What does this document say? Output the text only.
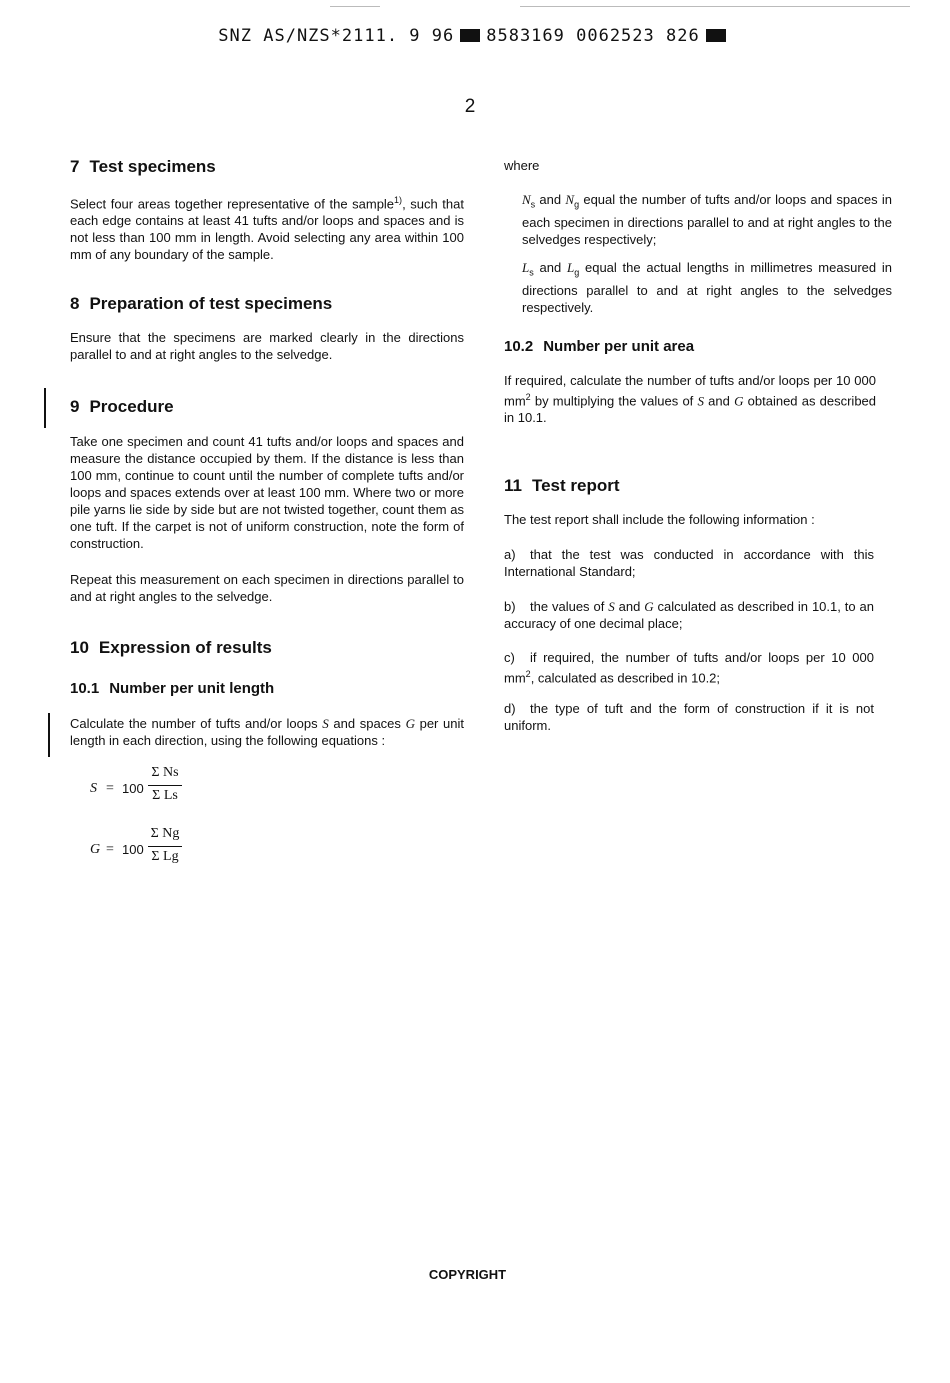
SNZ AS/NZS*2111. 9 96 8583169 0062523 826
2
7 Test specimens

Select four areas together representative of the sample$^{1)}$, such that each edge contains at least 41 tufts and/or loops and spaces and is not less than 100 mm in length. Avoid selecting any area within 100 mm of any boundary of the sample.

8 Preparation of test specimens

Ensure that the specimens are marked clearly in the directions parallel to and at right angles to the selvedge.

9 Procedure

Take one specimen and count 41 tufts and/or loops and spaces and measure the distance occupied by them. If the distance is less than 100 mm, continue to count until the number of complete tufts and/or loops and spaces extends over at least 100 mm. Where two or more pile yarns lie side by side but are not twisted together, count them as one tuft. If the carpet is not of uniform construction, note the form of construction.

Repeat this measurement on each specimen in directions parallel to and at right angles to the selvedge.

10 Expression of results
10.1 Number per unit length

Calculate the number of tufts and/or loops S and spaces G per unit length in each direction, using the following equations :

S = 100
Σ Ns
Σ Ls
G = 100
Σ Ng
Σ Lg

where

$N_s$ and $N_g$ equal the number of tufts and/or loops and spaces in each specimen in directions parallel to and at right angles to the selvedges respectively;

$L_s$ and $L_g$ equal the actual lengths in millimetres measured in directions parallel to and at right angles to the selvedges respectively.

10.2 Number per unit area

If required, calculate the number of tufts and/or loops per 10 000 $mm^2$ by multiplying the values of S and G obtained as described in 10.1.

11 Test report

The test report shall include the following information :

a) that the test was conducted in accordance with this International Standard;

b) the values of S and G calculated as described in 10.1, to an accuracy of one decimal place;

c) if required, the number of tufts and/or loops per 10 000 $mm^2$, calculated as described in 10.2;

d) the type of tuft and the form of construction if it is not uniform.

COPYRIGHT
